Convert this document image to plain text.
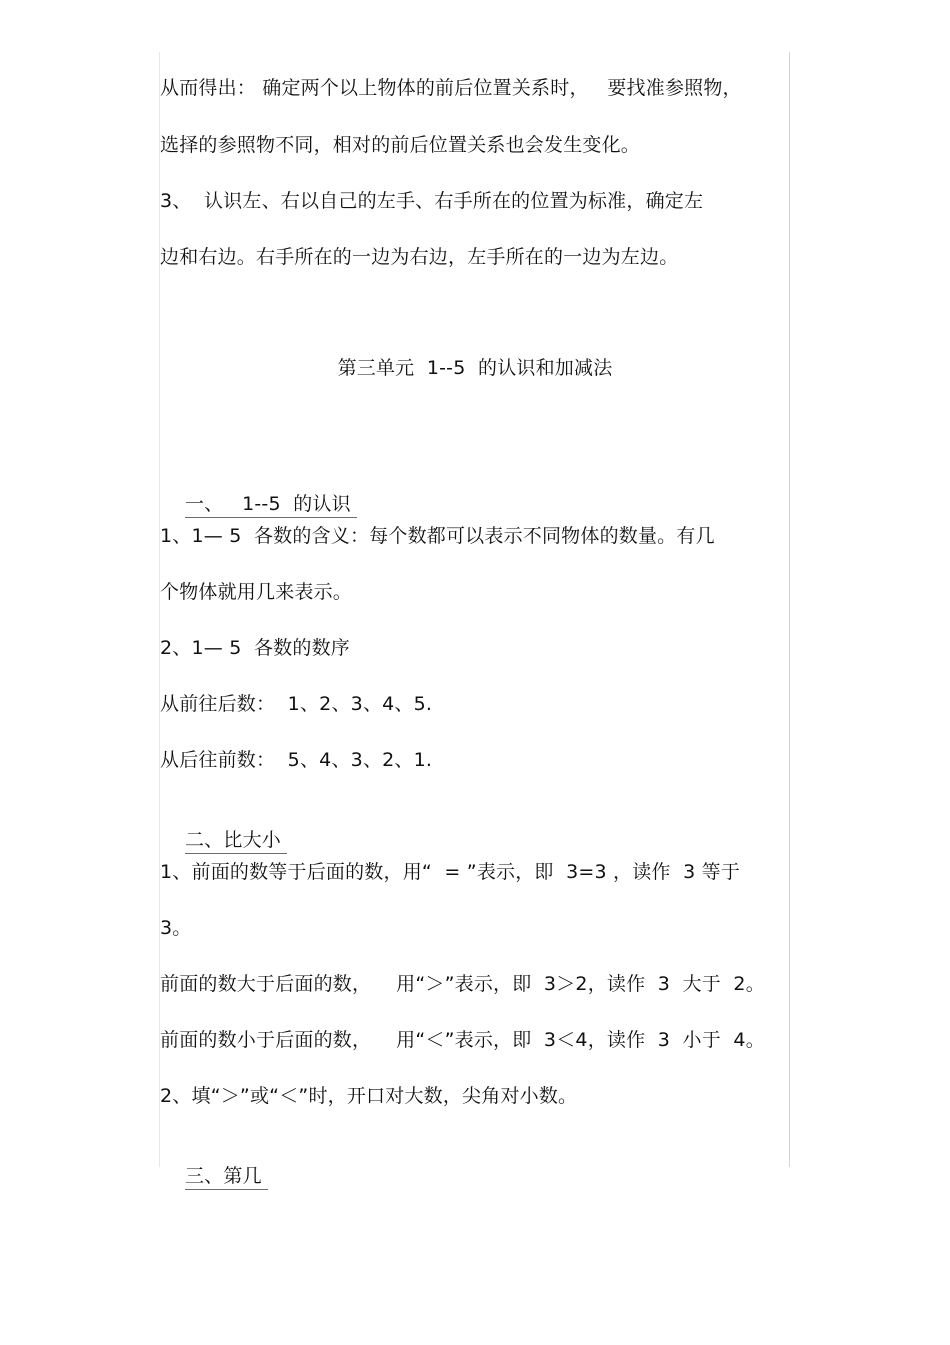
从而得出： 确定两个以上物体的前后位置关系时，   要找准参照物，
选择的参照物不同，相对的前后位置关系也会发生变化。
3、  认识左、右以自己的左手、右手所在的位置为标准，确定左
边和右边。右手所在的一边为右边，左手所在的一边为左边。
第三单元  1--5  的认识和加减法

一、   1--5  的认识

1、1— 5  各数的含义：每个数都可以表示不同物体的数量。有几
个物体就用几来表示。
2、1— 5  各数的数序
从前往后数：  1、2、3、4、5.
从后往前数：  5、4、3、2、1.

二、比大小

1、前面的数等于后面的数，用“  = ”表示，即  3=3 ，读作  3 等于
3。
前面的数大于后面的数，    用“＞”表示，即  3＞2，读作  3  大于  2。
前面的数小于后面的数，    用“＜”表示，即  3＜4，读作  3  小于  4。
2、填“＞”或“＜”时，开口对大数，尖角对小数。

三、第几
